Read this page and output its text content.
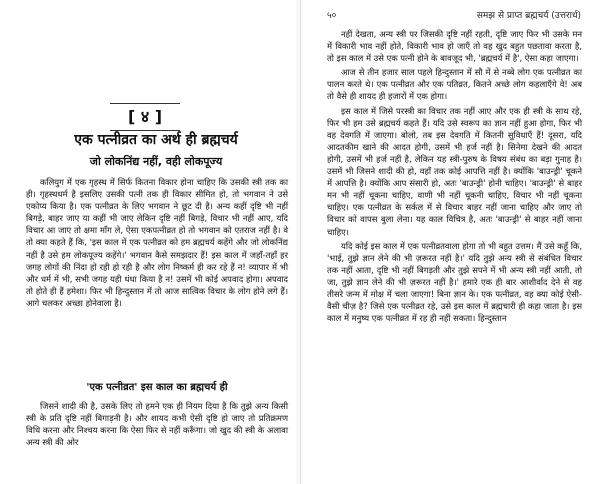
[ ४ ]
एक पत्नीव्रत का अर्थ ही ब्रह्मचर्य
जो लोकनिंद्य नहीं, वही लोकपूज्य

कलियुग में एक गृहस्थ में सिर्फ कितना विकार होना चाहिए कि उसकी स्त्री तक का ही। गृहस्थधर्म है इसलिए उसकी पत्नी तक ही विकार सीमित हो, तो भगवान ने उसे एकोप्य किया है। एक पत्नीव्रत के लिए भगवान ने छूट दी है। अन्य कहीं दृष्टि भी नहीं बिगड़े, बाहर जाए या कहीं भी जाए लेकिन दृष्टि नहीं बिगड़े, विचार भी नहीं आए, यदि विचार आ जाए तो क्षमा माँग ले, ऐसा एकपत्नीव्रत हो तो भगवान को एतराज नहीं है। वे तो क्या कहते हैं कि, 'इस काल में एक पत्नीव्रत को हम ब्रह्मचर्य कहेंगे और जो लोकनिंद्य नहीं है उसे हम लोकपूज्य कहेंगे।' भगवान कैसे समझदार हैं! इस काल में जहाँ-तहाँ हर जगह लोगों की निंदा हो रही हो रही है और लोग निष्कर्म ही कर रहे हैं न! व्यापार में भी और धर्म में भी, सभी जगह यही धंधा किया है न! उसमें भी कोई अपवाद होगा। अपवाद तो होते ही हैं हमेशा। फिर भी हिन्दुस्तान में तो आज सात्विक विचार के लोग होने लगे हैं। आगे चलकर अच्छा होनेवाला है।

'एक पत्नीव्रत' इस काल का ब्रह्मचर्य ही

जिसने शादी की है, उसके लिए तो हमने एक ही नियम दिया है कि तुझे अन्य किसी स्त्री के प्रति दृष्टि नहीं बिगाड़नी है। और शायद कभी ऐसी दृष्टि हो जाए तो प्रतिक्रमण विधि करना और निश्चय करना कि ऐसा फिर से नहीं करूँगा। जो खुद की स्त्री के अलावा अन्य स्त्री की ओर

५०	समझ से प्राप्त ब्रह्मचर्य (उत्तरार्ध)

नहीं देखता, अन्य स्त्री पर जिसकी दृष्टि नहीं रहती, दृष्टि जाए फिर भी उसके मन में विकारी भाव नहीं होते, विकारी भाव हो जाएँ तो वह खुद बहुत पछतावा करता है, तो इस काल में उसे एक पत्नी होने के बावजूद भी, 'ब्रह्मचर्य में है', ऐसा कहा जाएगा।

आज से तीन हजार साल पहले हिन्दुस्तान में सौ में से नब्बे लोग एक पत्नीव्रत का पालन करते थे। एक पत्नीव्रत और एक पतिव्रत, कितने अच्छे लोग कहलाएँगे वे! अब तो वैसे ही शायद ही हजारों में एक होगा।

इस काल में जिसे परस्त्री का विचार तक नहीं आए और एक ही स्त्री के साथ रहे, फिर भी हम उसे ब्रह्मचर्य कहते हैं। यदि उसे स्वरूप का ज्ञान नहीं हुआ होगा, फिर भी वह देवगति में जाएगा। बोलो, तब इस देवगति में कितनी सुविधाएँ हैं! दूसरा, यदि आदतकीम खाने की आदत होगी, उसमें भी हर्ज नहीं है। सिनेमा देखने की आदत होगी, उसमें भी हर्ज नहीं है, लेकिन यह स्त्री-पुरुष के विषय संबंध का बड़ा गुनाह है। उसमें भी जिसने शादी की हो, वहाँ तक कोई आपत्ति नहीं है। क्योंकि 'बाउन्ड्री' चूकने में आपत्ति है। क्योंकि आप संसारी हो, अतः 'बाउन्ड्री' होनी चाहिए। 'बाउन्ड्री' से बाहर मन भी नहीं चूकना चाहिए, वाणी भी नहीं चूकनी चाहिए, विचार भी नहीं चूकना चाहिए। एक पत्नीव्रत के सर्कल में से विचार बाहर नहीं जाना चाहिए और जाए तो विचार को वापस बुला लेना। यह काल विचित्र है, अतः 'बाउन्ड्री' से बाहर नहीं जाना चाहिए।

यदि कोई इस काल में एक पत्नीव्रतवाला होगा तो भी बहुत उत्तम। मैं उसे कहूँ कि, 'भाई, तुझे ज्ञान लेने की भी ज़रूरत नहीं है।' यदि तुझे अन्य स्त्री से संबंधित विचार तक नहीं आता, दृष्टि भी नहीं बिगड़ती और तुझे सपने में भी अन्य स्त्री नहीं आती, तो जा, तुझे ज्ञान लेने की भी ज़रूरत नहीं है।' हमारे एक ही बार आशीर्वाद देने से वह तीसरे जन्म में मोक्ष में चला जाएगा! बिना ज्ञान के। एक पत्नीव्रत, वह क्या कोई ऐसी-वैसी चीज़ है? जिसे एक पत्नीव्रत रहे, उसे इस काल में ब्रह्मचारी ही कहा जाता है। इस काल में मनुष्य एक पत्नीव्रत में रह ही नहीं सकता। हिन्दुस्तान
